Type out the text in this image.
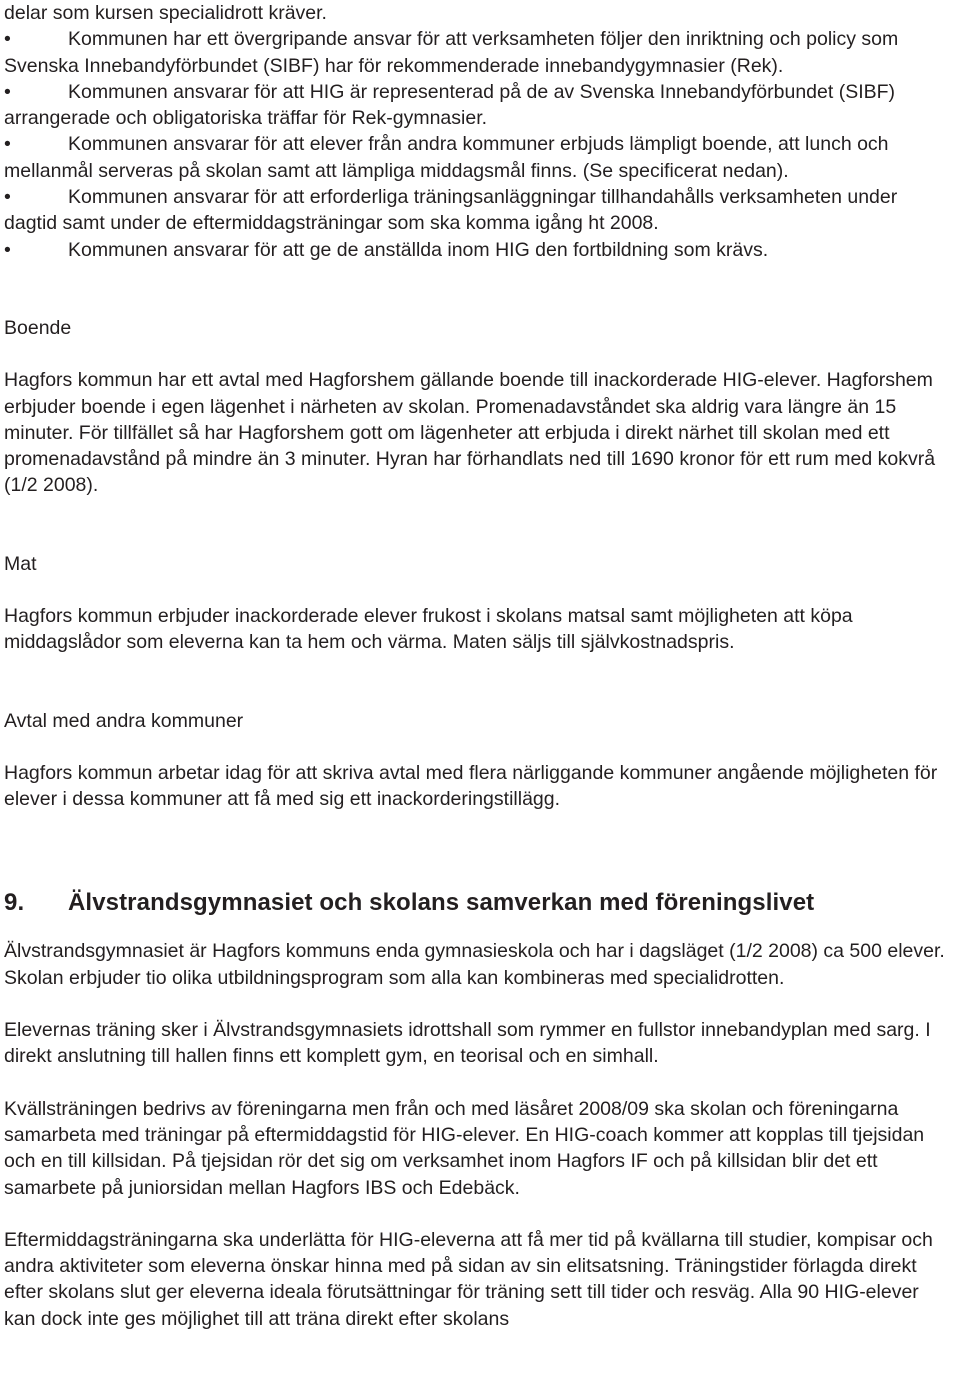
delar som kursen specialidrott kräver.

•	Kommunen har ett övergripande ansvar för att verksamheten följer den inriktning och policy som Svenska Innebandyförbundet (SIBF) har för rekommenderade innebandygymnasier (Rek).
•	Kommunen ansvarar för att HIG är representerad på de av Svenska Innebandyförbundet (SIBF) arrangerade och obligatoriska träffar för Rek-gymnasier.
•	Kommunen ansvarar för att elever från andra kommuner erbjuds lämpligt boende, att lunch och mellanmål serveras på skolan samt att lämpliga middagsmål finns. (Se specificerat nedan).
•	Kommunen ansvarar för att erforderliga träningsanläggningar tillhandahålls verksamheten under dagtid samt under de eftermiddagsträningar som ska komma igång ht 2008.
•	Kommunen ansvarar för att ge de anställda inom HIG den fortbildning som krävs.

Boende

Hagfors kommun har ett avtal med Hagforshem gällande boende till inackorderade HIG-elever. Hagforshem erbjuder boende i egen lägenhet i närheten av skolan. Promenadavståndet ska aldrig vara längre än 15 minuter. För tillfället så har Hagforshem gott om lägenheter att erbjuda i direkt närhet till skolan med ett promenadavstånd på mindre än 3 minuter. Hyran har förhandlats ned till 1690 kronor för ett rum med kokvrå (1/2 2008).

Mat

Hagfors kommun erbjuder inackorderade elever frukost i skolans matsal samt möjligheten att köpa middagslådor som eleverna kan ta hem och värma. Maten säljs till självkostnadspris.

Avtal med andra kommuner

Hagfors kommun arbetar idag för att skriva avtal med flera närliggande kommuner angående möjligheten för elever i dessa kommuner att få med sig ett inackorderingstillägg.

9. Älvstrandsgymnasiet och skolans samverkan med föreningslivet

Älvstrandsgymnasiet är Hagfors kommuns enda gymnasieskola och har i dagsläget (1/2 2008) ca 500 elever. Skolan erbjuder tio olika utbildningsprogram som alla kan kombineras med specialidrotten.

Elevernas träning sker i Älvstrandsgymnasiets idrottshall som rymmer en fullstor innebandyplan med sarg. I direkt anslutning till hallen finns ett komplett gym, en teorisal och en simhall.

Kvällsträningen bedrivs av föreningarna men från och med läsåret 2008/09 ska skolan och föreningarna samarbeta med träningar på eftermiddagstid för HIG-elever. En HIG-coach kommer att kopplas till tjejsidan och en till killsidan. På tjejsidan rör det sig om verksamhet inom Hagfors IF och på killsidan blir det ett samarbete på juniorsidan mellan Hagfors IBS och Edebäck.

Eftermiddagsträningarna ska underlätta för HIG-eleverna att få mer tid på kvällarna till studier, kompisar och andra aktiviteter som eleverna önskar hinna med på sidan av sin elitsatsning. Träningstider förlagda direkt efter skolans slut ger eleverna ideala förutsättningar för träning sett till tider och resväg. Alla 90 HIG-elever kan dock inte ges möjlighet till att träna direkt efter skolans
